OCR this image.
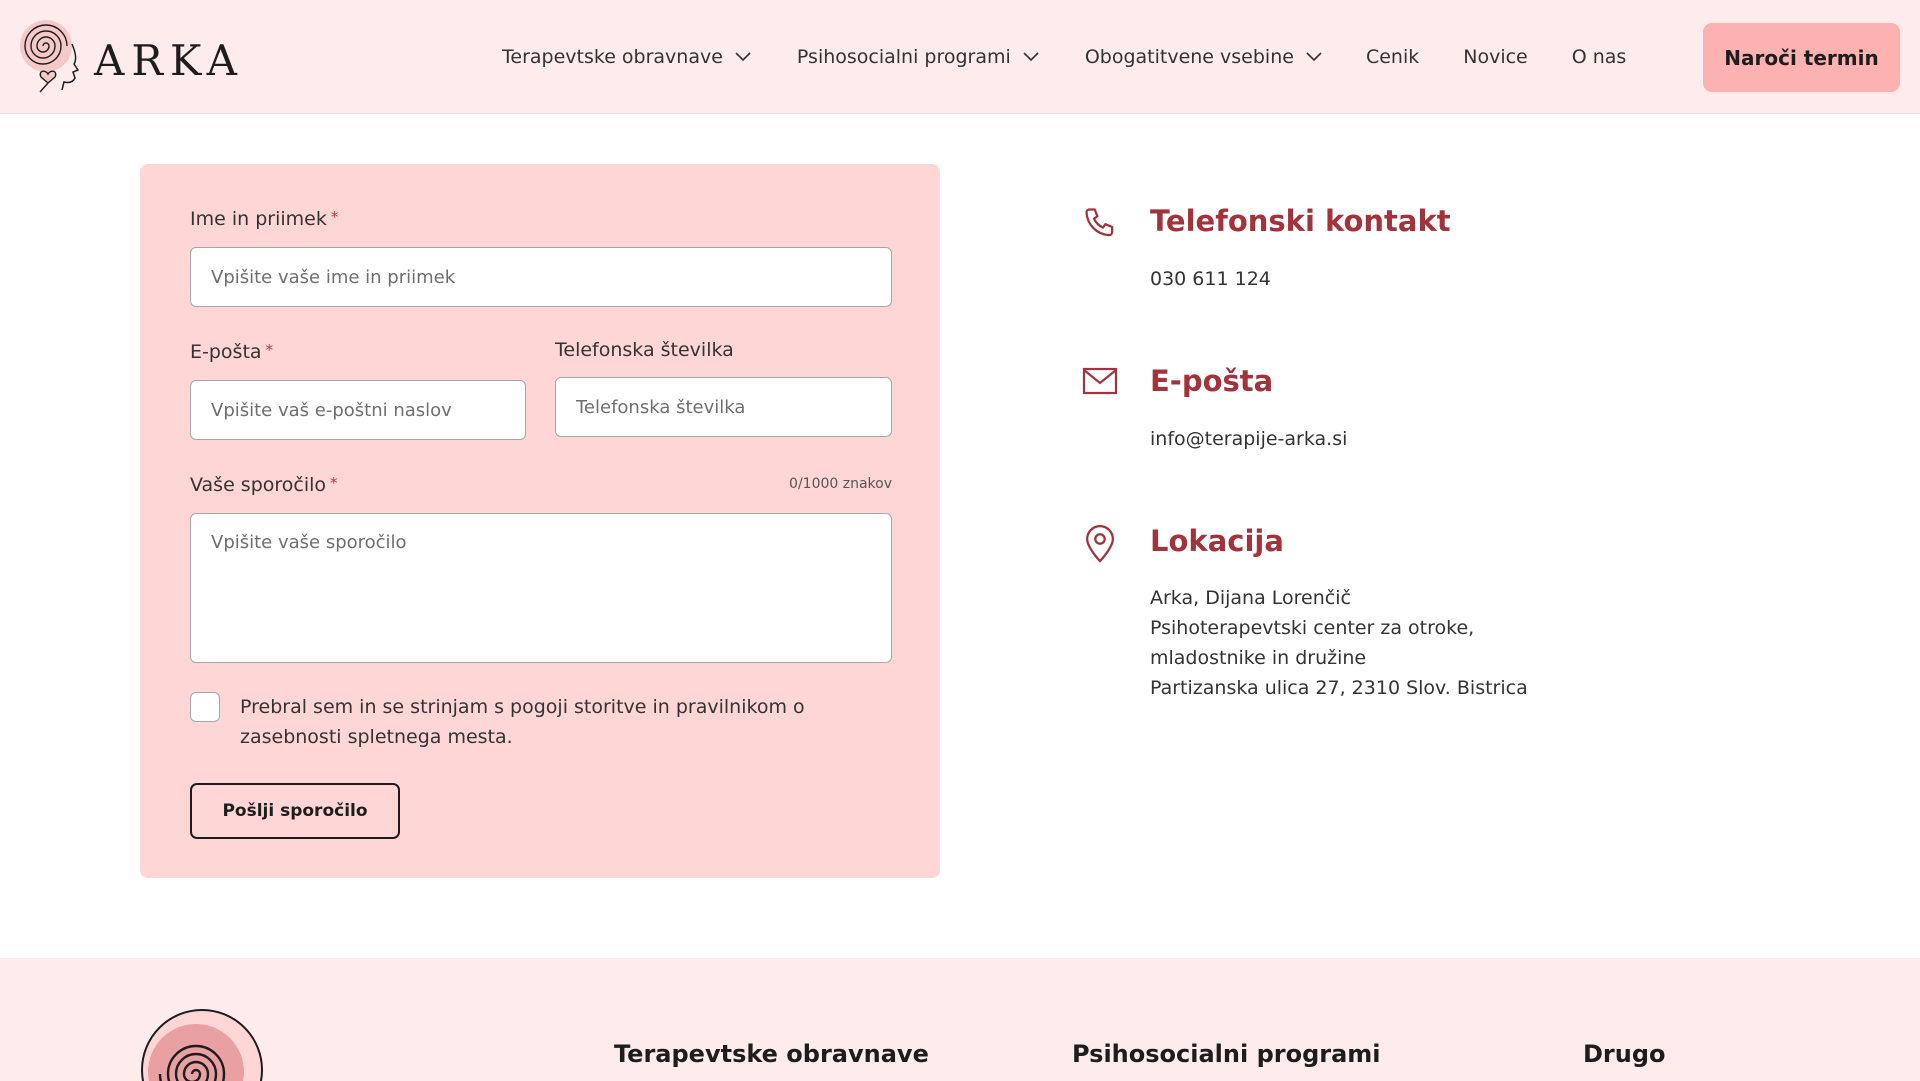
ARKA	Terapevtske obravnave	Psihosocialni programi	Obogatitvene vsebine	Cenik Novice O nas	Naroči termin
Ime in priimek *
Vpišite vaše ime in priimek
E-pošta *
Vpišite vaš e-poštni naslov	Telefonska številka
Telefonska številka
Vaše sporočilo *	0/1000 znakov
Vpišite vaše sporočilo
Prebral sem in se strinjam s pogoji storitve in pravilnikom o zasebnosti spletnega mesta.
Pošlji sporočilo
Telefonski kontakt
030 611 124
E-pošta
info@terapije-arka.si
Lokacija
Arka, Dijana Lorenčič
Psihoterapevtski center za otroke,
mladostnike in družine
Partizanska ulica 27, 2310 Slov. Bistrica
Terapevtske obravnave	Psihosocialni programi	Drugo
